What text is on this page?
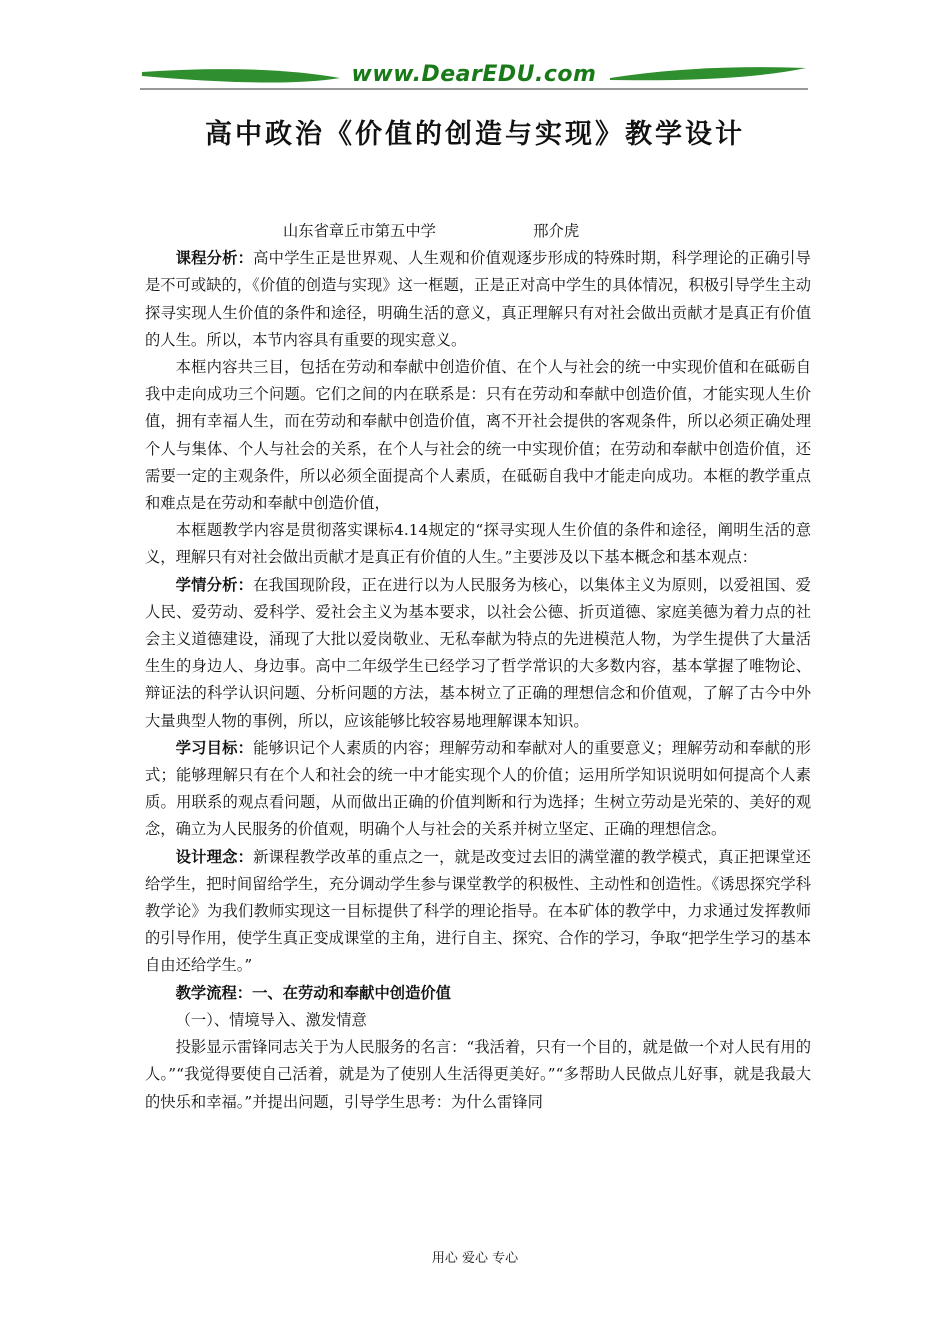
www.DearEDU.com
高中政治《价值的创造与实现》教学设计
山东省章丘市第五中学	邢介虎

课程分析：高中学生正是世界观、人生观和价值观逐步形成的特殊时期，科学理论的正确引导是不可或缺的，《价值的创造与实现》这一框题，正是正对高中学生的具体情况，积极引导学生主动探寻实现人生价值的条件和途径，明确生活的意义，真正理解只有对社会做出贡献才是真正有价值的人生。所以，本节内容具有重要的现实意义。

本框内容共三目，包括在劳动和奉献中创造价值、在个人与社会的统一中实现价值和在砥砺自我中走向成功三个问题。它们之间的内在联系是：只有在劳动和奉献中创造价值，才能实现人生价值，拥有幸福人生，而在劳动和奉献中创造价值，离不开社会提供的客观条件，所以必须正确处理个人与集体、个人与社会的关系，在个人与社会的统一中实现价值；在劳动和奉献中创造价值，还需要一定的主观条件，所以必须全面提高个人素质，在砥砺自我中才能走向成功。本框的教学重点和难点是在劳动和奉献中创造价值，

本框题教学内容是贯彻落实课标4.14规定的“探寻实现人生价值的条件和途径，阐明生活的意义，理解只有对社会做出贡献才是真正有价值的人生。”主要涉及以下基本概念和基本观点：

学情分析：在我国现阶段，正在进行以为人民服务为核心，以集体主义为原则，以爱祖国、爱人民、爱劳动、爱科学、爱社会主义为基本要求，以社会公德、折页道德、家庭美德为着力点的社会主义道德建设，涌现了大批以爱岗敬业、无私奉献为特点的先进模范人物，为学生提供了大量活生生的身边人、身边事。高中二年级学生已经学习了哲学常识的大多数内容，基本掌握了唯物论、辩证法的科学认识问题、分析问题的方法，基本树立了正确的理想信念和价值观，了解了古今中外大量典型人物的事例，所以，应该能够比较容易地理解课本知识。

学习目标：能够识记个人素质的内容；理解劳动和奉献对人的重要意义；理解劳动和奉献的形式；能够理解只有在个人和社会的统一中才能实现个人的价值；运用所学知识说明如何提高个人素质。用联系的观点看问题，从而做出正确的价值判断和行为选择；生树立劳动是光荣的、美好的观念，确立为人民服务的价值观，明确个人与社会的关系并树立坚定、正确的理想信念。

设计理念：新课程教学改革的重点之一，就是改变过去旧的满堂灌的教学模式，真正把课堂还给学生，把时间留给学生，充分调动学生参与课堂教学的积极性、主动性和创造性。《诱思探究学科教学论》为我们教师实现这一目标提供了科学的理论指导。在本矿体的教学中，力求通过发挥教师的引导作用，使学生真正变成课堂的主角，进行自主、探究、合作的学习，争取“把学生学习的基本自由还给学生。”

教学流程：一、在劳动和奉献中创造价值

（一）、情境导入、激发情意

投影显示雷锋同志关于为人民服务的名言：“我活着，只有一个目的，就是做一个对人民有用的人。”“我觉得要使自己活着，就是为了使别人生活得更美好。”“多帮助人民做点儿好事，就是我最大的快乐和幸福。”并提出问题，引导学生思考：为什么雷锋同

用心 爱心 专心
